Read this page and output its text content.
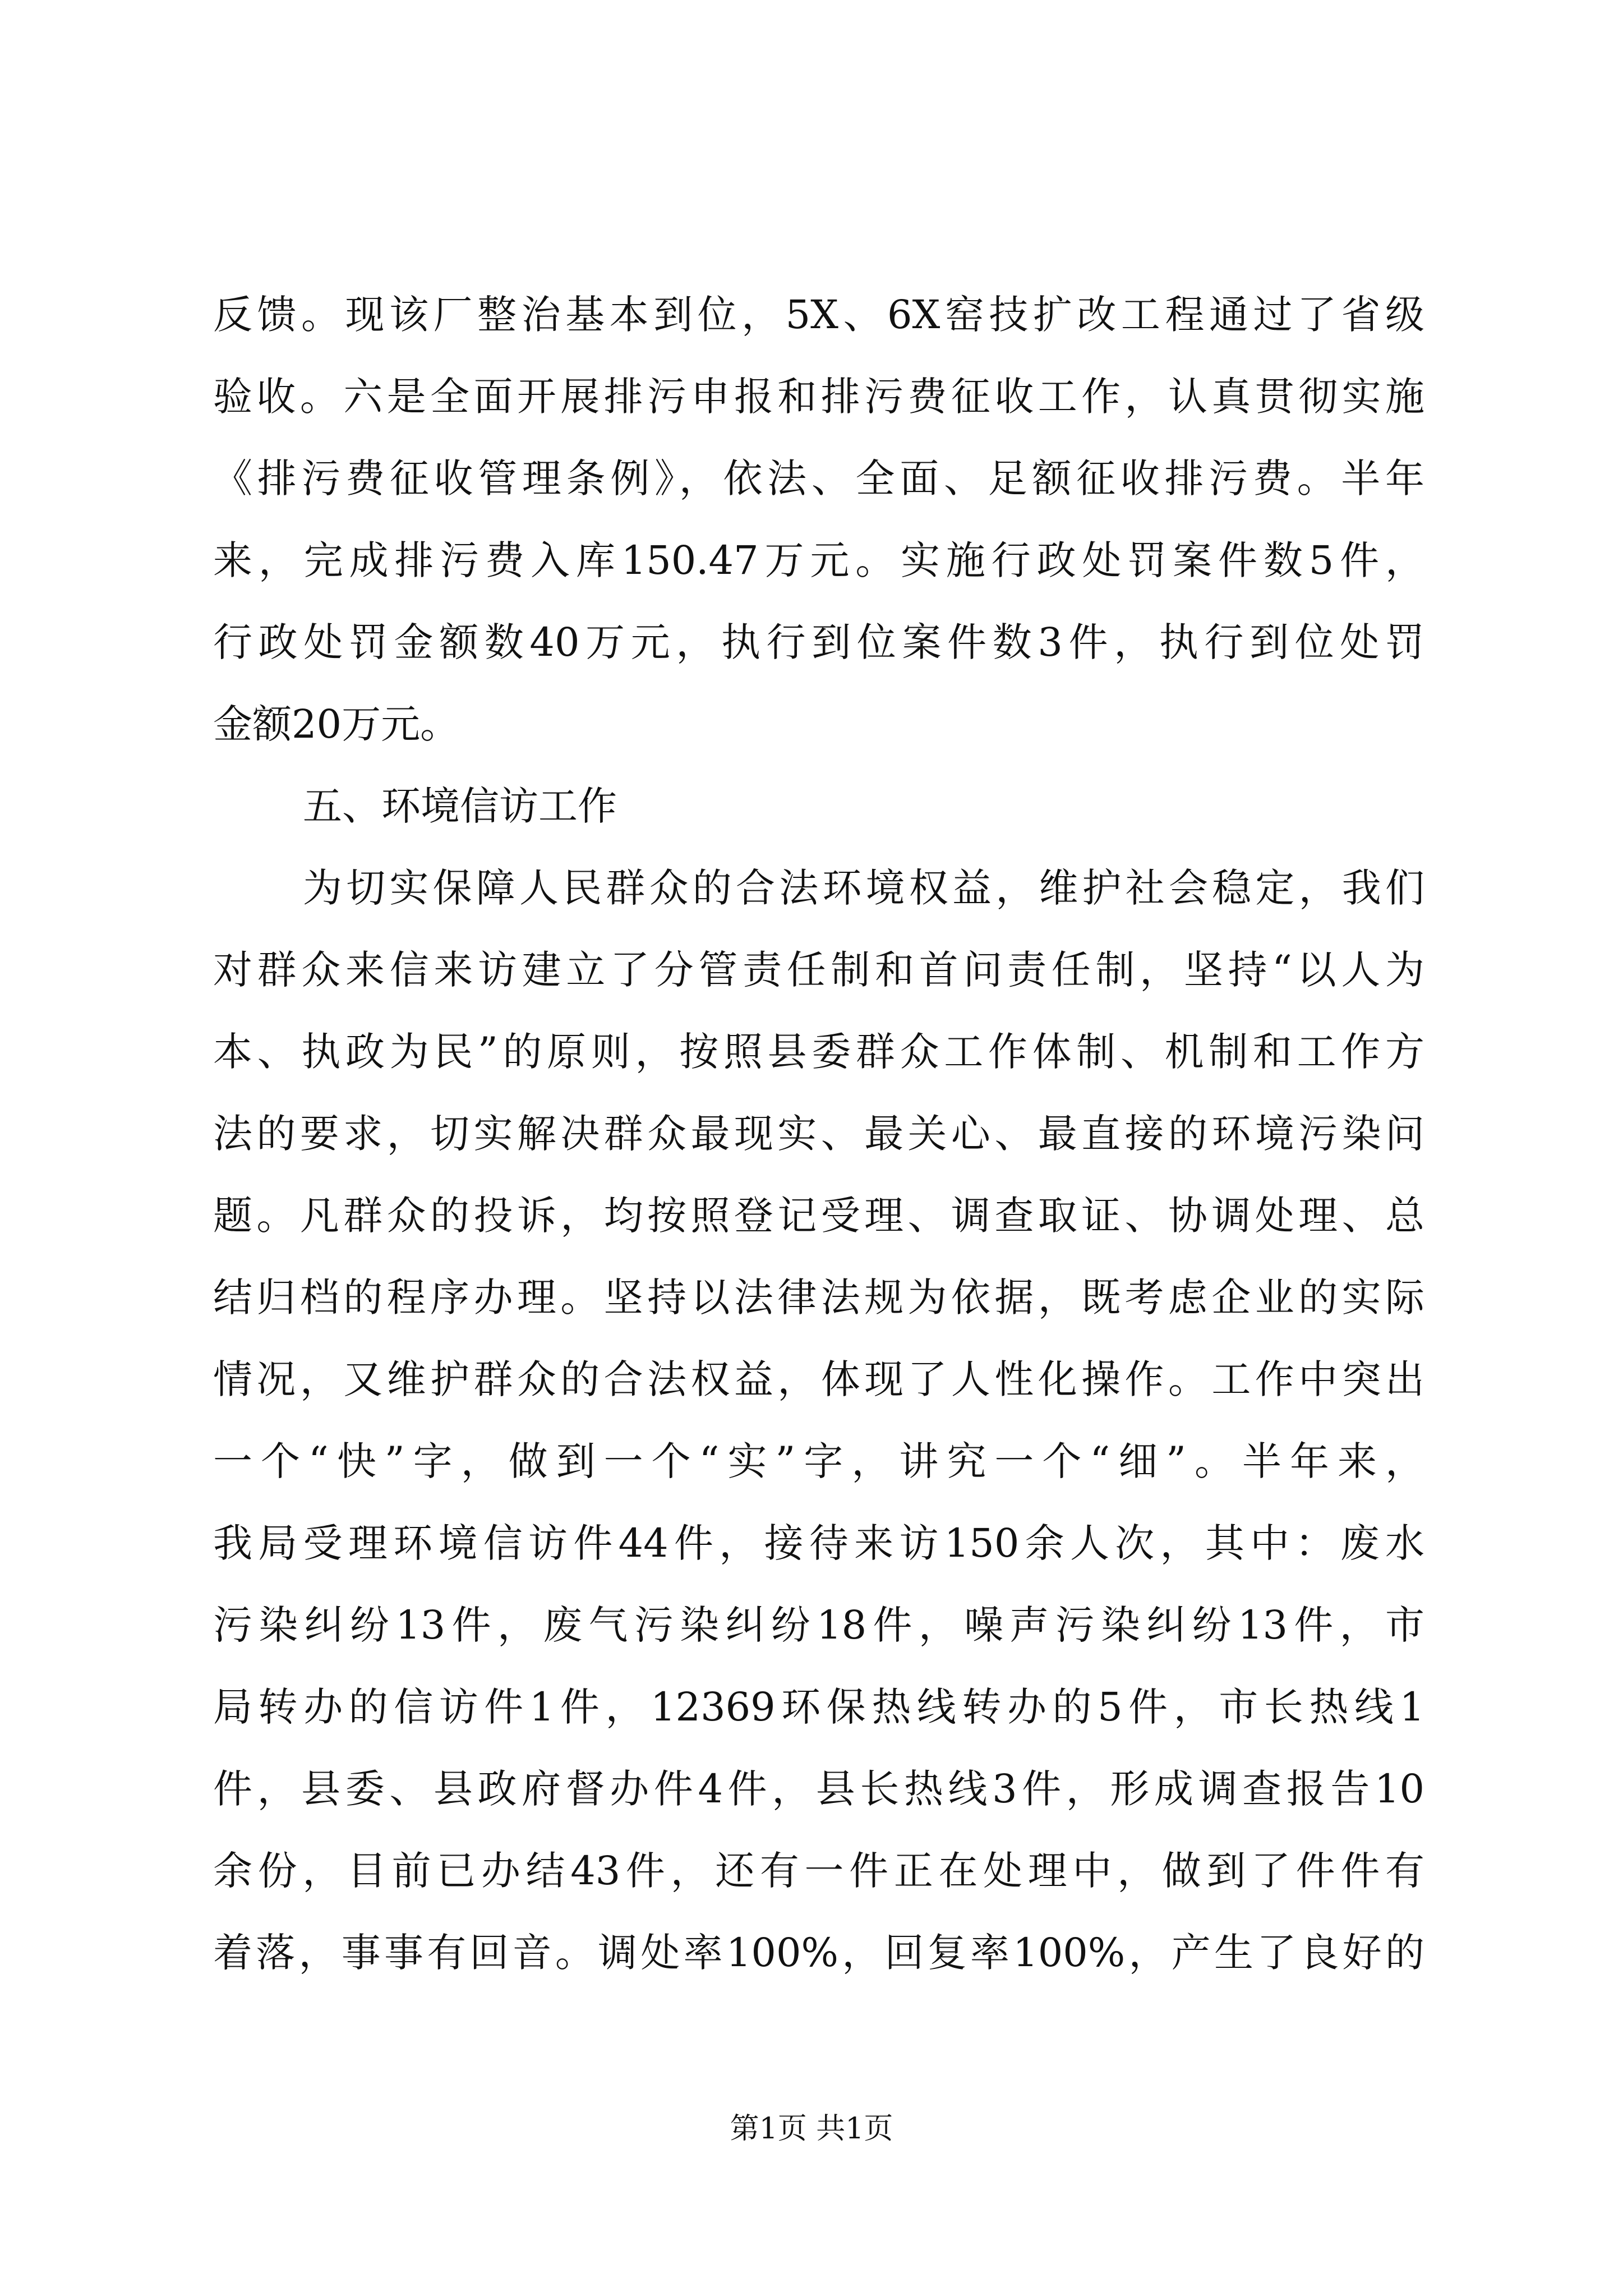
反馈。现该厂整治基本到位，5X、6X窑技扩改工程通过了省级
验收。六是全面开展排污申报和排污费征收工作，认真贯彻实施
《排污费征收管理条例》，依法、全面、足额征收排污费。半年
来，完成排污费入库150.47万元。实施行政处罚案件数5件，
行政处罚金额数40万元，执行到位案件数3件，执行到位处罚
金额20万元。
五、环境信访工作
为切实保障人民群众的合法环境权益，维护社会稳定，我们
对群众来信来访建立了分管责任制和首问责任制，坚持“以人为
本、执政为民”的原则，按照县委群众工作体制、机制和工作方
法的要求，切实解决群众最现实、最关心、最直接的环境污染问
题。凡群众的投诉，均按照登记受理、调查取证、协调处理、总
结归档的程序办理。坚持以法律法规为依据，既考虑企业的实际
情况，又维护群众的合法权益，体现了人性化操作。工作中突出
一个“快”字，做到一个“实”字，讲究一个“细”。半年来，
我局受理环境信访件44件，接待来访150余人次，其中：废水
污染纠纷13件，废气污染纠纷18件，噪声污染纠纷13件，市
局转办的信访件1件，12369环保热线转办的5件，市长热线1
件，县委、县政府督办件4件，县长热线3件，形成调查报告10
余份，目前已办结43件，还有一件正在处理中，做到了件件有
着落，事事有回音。调处率100%，回复率100%，产生了良好的
第1页 共1页
